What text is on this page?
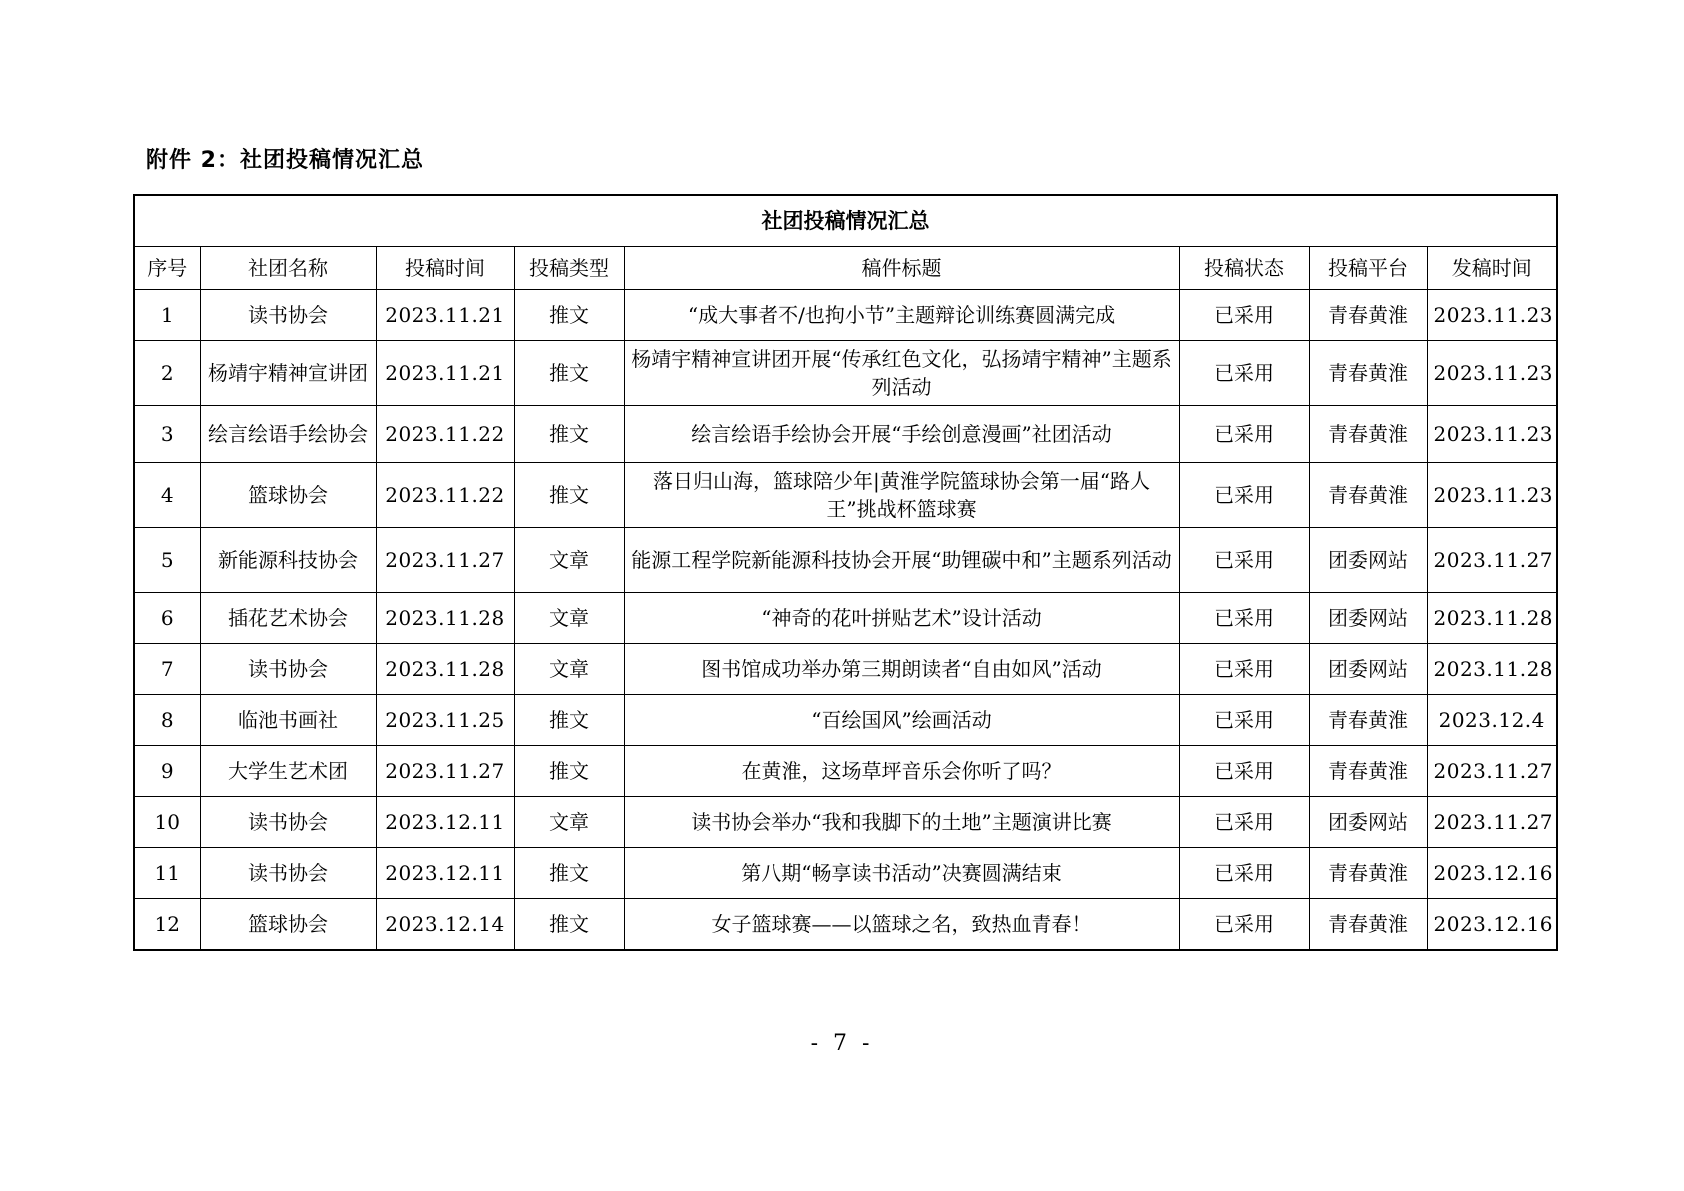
附件 2：社团投稿情况汇总
社团投稿情况汇总							
序号	社团名称	投稿时间	投稿类型	稿件标题	投稿状态	投稿平台	发稿时间
1	读书协会	2023.11.21	推文	“成大事者不/也拘小节”主题辩论训练赛圆满完成	已采用	青春黄淮	2023.11.23
2	杨靖宇精神宣讲团	2023.11.21	推文	杨靖宇精神宣讲团开展“传承红色文化，弘扬靖宇精神”主题系列活动	已采用	青春黄淮	2023.11.23
3	绘言绘语手绘协会	2023.11.22	推文	绘言绘语手绘协会开展“手绘创意漫画”社团活动	已采用	青春黄淮	2023.11.23
4	篮球协会	2023.11.22	推文	落日归山海，篮球陪少年|黄淮学院篮球协会第一届“路人王”挑战杯篮球赛	已采用	青春黄淮	2023.11.23
5	新能源科技协会	2023.11.27	文章	能源工程学院新能源科技协会开展“助锂碳中和”主题系列活动	已采用	团委网站	2023.11.27
6	插花艺术协会	2023.11.28	文章	“神奇的花叶拼贴艺术”设计活动	已采用	团委网站	2023.11.28
7	读书协会	2023.11.28	文章	图书馆成功举办第三期朗读者“自由如风”活动	已采用	团委网站	2023.11.28
8	临池书画社	2023.11.25	推文	“百绘国风”绘画活动	已采用	青春黄淮	2023.12.4
9	大学生艺术团	2023.11.27	推文	在黄淮，这场草坪音乐会你听了吗？	已采用	青春黄淮	2023.11.27
10	读书协会	2023.12.11	文章	读书协会举办“我和我脚下的土地”主题演讲比赛	已采用	团委网站	2023.11.27
11	读书协会	2023.12.11	推文	第八期“畅享读书活动”决赛圆满结束	已采用	青春黄淮	2023.12.16
12	篮球协会	2023.12.14	推文	女子篮球赛——以篮球之名，致热血青春！	已采用	青春黄淮	2023.12.16
- 7 -
